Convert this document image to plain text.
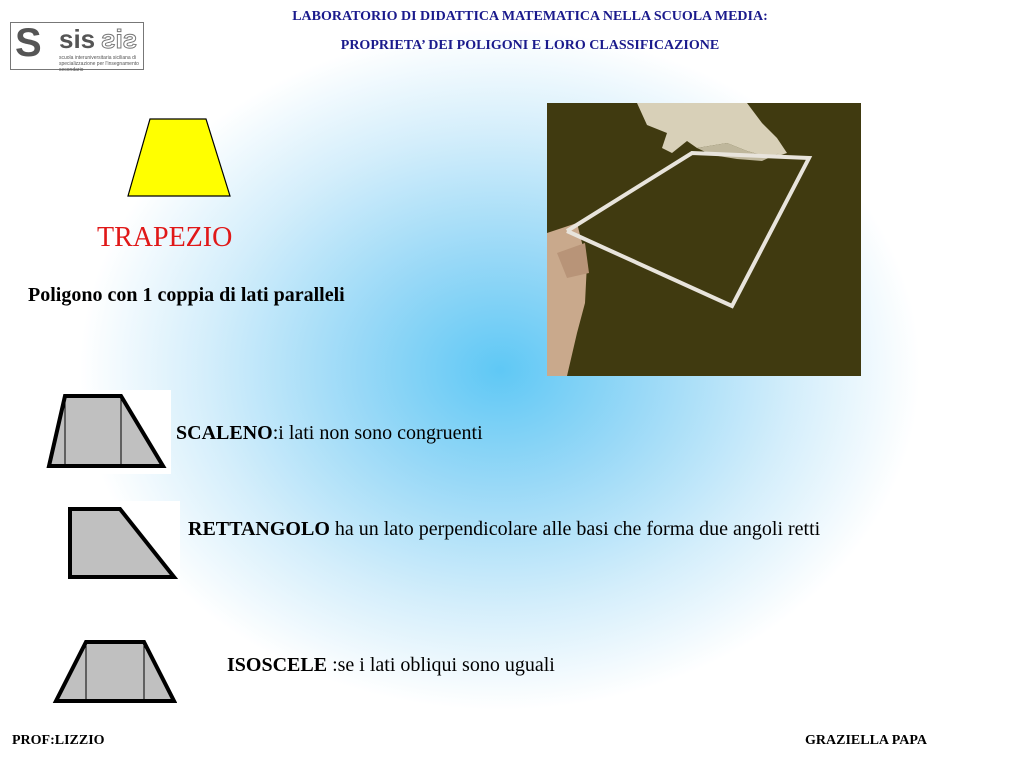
S sis sis
scuola interuniversitaria siciliana di specializzazione per l'insegnamento secondario
LABORATORIO DI DIDATTICA MATEMATICA NELLA SCUOLA MEDIA:
PROPRIETA’ DEI POLIGONI E LORO CLASSIFICAZIONE
TRAPEZIO
Poligono con 1 coppia di lati paralleli
SCALENO:i lati non sono congruenti
RETTANGOLO ha un lato perpendicolare alle basi che forma due angoli retti
ISOSCELE :se i lati obliqui sono uguali
PROF:LIZZIO	GRAZIELLA PAPA
